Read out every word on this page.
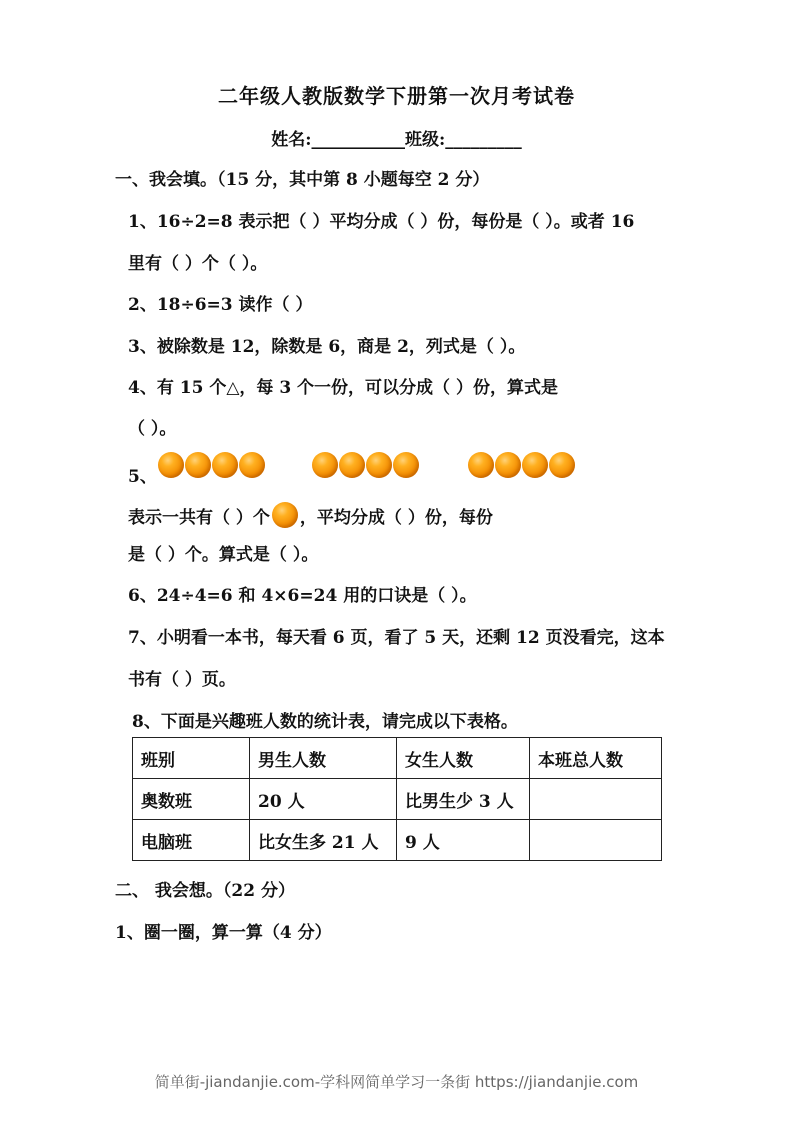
二年级人教版数学下册第一次月考试卷
姓名:___________班级:_________
一、我会填。（15 分，其中第 8 小题每空 2 分）
1、16÷2=8 表示把（ ）平均分成（ ）份，每份是（ ）。或者 16
里有（ ）个（ ）。
2、18÷6=3 读作（ ）
3、被除数是 12，除数是 6，商是 2，列式是（ ）。
4、有 15 个△，每 3 个一份，可以分成（ ）份，算式是
（ ）。
5、
表示一共有（ ）个 ，平均分成（ ）份，每份
是（ ）个。算式是（ ）。
6、24÷4=6 和 4×6=24 用的口诀是（ ）。
7、小明看一本书，每天看 6 页，看了 5 天，还剩 12 页没看完，这本
书有（ ）页。
8、下面是兴趣班人数的统计表，请完成以下表格。
班别	男生人数	女生人数	本班总人数
奥数班	20 人	比男生少 3 人	
电脑班	比女生多 21 人	9 人	
二、 我会想。（22 分）
1、圈一圈，算一算（4 分）
简单街-jiandanjie.com-学科网简单学习一条街 https://jiandanjie.com
